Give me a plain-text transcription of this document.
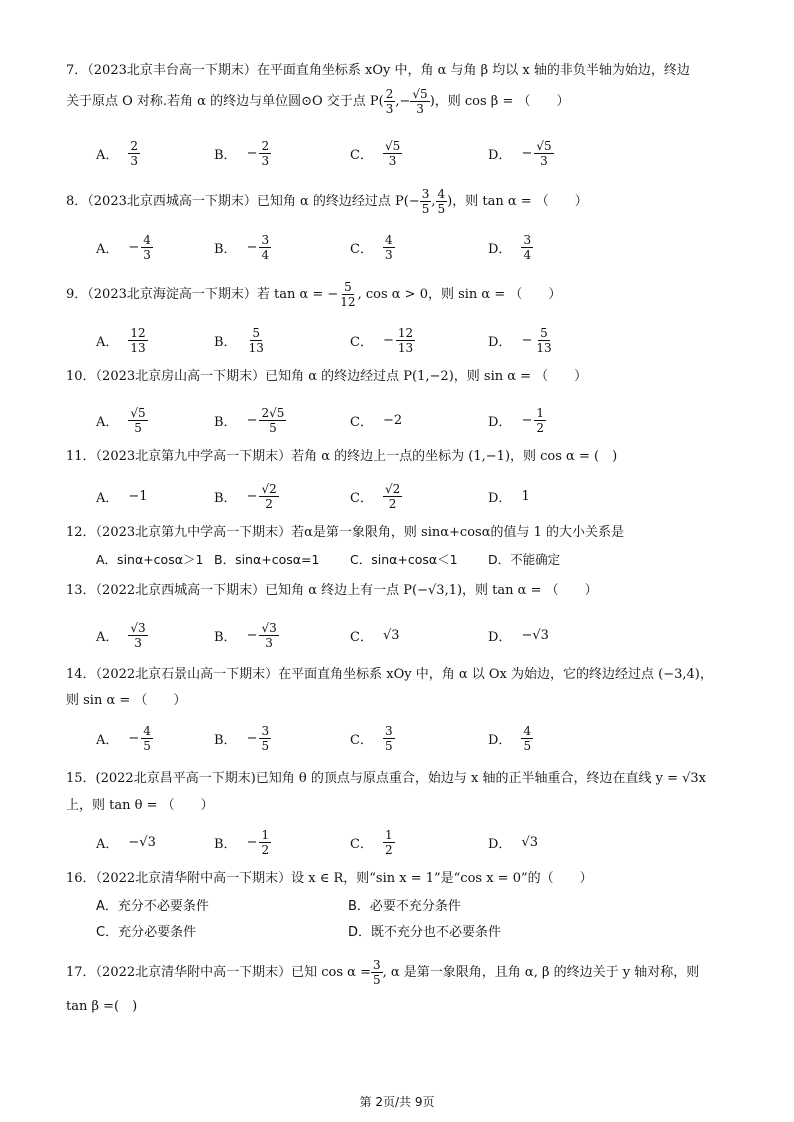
7．（2023北京丰台高一下期末）在平面直角坐标系 xOy 中，角 α 与角 β 均以 x 轴的非负半轴为始边，终边
关于原点 O 对称.若角 α 的终边与单位圆⊙O 交于点 $P( \frac{2}{3}$ ,− $\frac{√5}{3}$ )，则 cos β = （　　）
A． $\frac{2}{3}$	B． − $\frac{2}{3}$	C． $\frac{√5}{3}$	D． − $\frac{√5}{3}$
8．（2023北京西城高一下期末）已知角 α 的终边经过点 $P(- \frac{3}{5}$ , $\frac{4}{5}$ )，则 tan α = （　　）
A． − $\frac{4}{3}$	B． − $\frac{3}{4}$	C． $\frac{4}{3}$	D． $\frac{3}{4}$
9．（2023北京海淀高一下期末）若 tan α = − $\frac{5}{12}$ , cos α > 0，则 sin α = （　　）
A． $\frac{12}{13}$	B． $\frac{5}{13}$	C． − $\frac{12}{13}$	D． − $\frac{5}{13}$
10．（2023北京房山高一下期末）已知角 α 的终边经过点 P(1,−2)，则 sin α = （　　）
A． $\frac{√5}{5}$	B． − $\frac{2√5}{5}$	C． −2	D． − $\frac{1}{2}$
11．（2023北京第九中学高一下期末）若角 α 的终边上一点的坐标为 (1,−1)，则 cos α = (　)
A． −1	B． − $\frac{√2}{2}$	C． $\frac{√2}{2}$	D． 1
12．（2023北京第九中学高一下期末）若α是第一象限角，则 sinα+cosα的值与 1 的大小关系是
A．sinα+cosα＞1 B．sinα+cosα=1 C．sinα+cosα＜1 D．不能确定
13．（2022北京西城高一下期末）已知角 α 终边上有一点 P(−√3,1)，则 tan α = （　　）
A． $\frac{√3}{3}$	B． − $\frac{√3}{3}$	C． √3	D． −√3
14．（2022北京石景山高一下期末）在平面直角坐标系 xOy 中，角 α 以 Ox 为始边，它的终边经过点 (−3,4)，
则 sin α = （　　）
A． − $\frac{4}{5}$	B． − $\frac{3}{5}$	C． $\frac{3}{5}$	D． $\frac{4}{5}$
15．(2022北京昌平高一下期末)已知角 θ 的顶点与原点重合，始边与 x 轴的正半轴重合，终边在直线 y = √3x
上，则 tan θ = （　　）
A． −√3	B． − $\frac{1}{2}$	C． $\frac{1}{2}$	D． √3
16．（2022北京清华附中高一下期末）设 x ∈ R，则“sin x = 1”是“cos x = 0”的（　　）
A．充分不必要条件	B．必要不充分条件
C．充分必要条件	D．既不充分也不必要条件
17．（2022北京清华附中高一下期末）已知 $\cos \alpha = \frac{3}{5}$ , α 是第一象限角，且角 α, β 的终边关于 y 轴对称，则
tan β =(　)
第 2页/共 9页
